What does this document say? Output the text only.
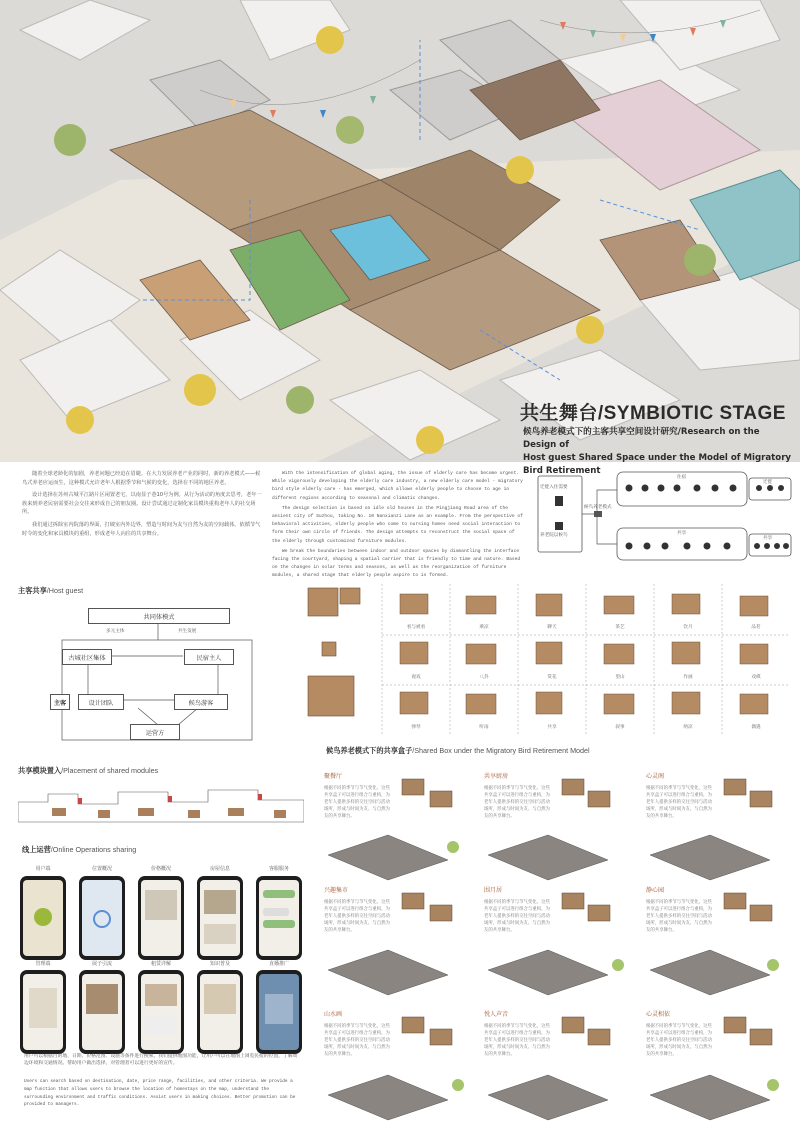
共生舞台/SYMBIOTIC STAGE
候鸟养老模式下的主客共享空间设计研究/Research on the Design of
Host guest Shared Space under the Model of Migratory Bird Retirement

随着全球老龄化的加剧，养老问题已经迫在眉睫。在大力发展养老产业的同时，新的养老模式——候鸟式养老应运而生，这种模式允许老年人根据季节和气候的变化，选择在不同的地区养老。

设计选择在苏州古城平江路片区闲置老宅，以南显子巷10号为例。从行为活动的角度去思考，老年一族来到养老民宿需要社会交往来形成自己的朋友圈。设计尝试通过定制化家具模块重构老年人的社交场所。

我们通过拆除室内院落的界面，打破室内外边界，塑造与时间为友与自然为友的空间载体。依循节气时令的变化和家具模块的重组，形成老年人向往的共享舞台。

With the intensification of global aging, the issue of elderly care has become urgent. While vigorously developing the elderly care industry, a new elderly care model - migratory bird style elderly care - has emerged, which allows elderly people to choose to age in different regions according to seasonal and climatic changes.

The design selection is based on idle old houses in the Pingjiang Road area of the ancient city of Suzhou, taking No. 10 Nanxianzi Lane as an example. From the perspective of behavioral activities, elderly people who come to nursing homes need social interaction to form their own circle of friends. The design attempts to reconstruct the social space of the elderly through customized furniture modules.

We break the boundaries between indoor and outdoor spaces by dismantling the interface facing the courtyard, shaping a spatial carrier that is friendly to time and nature. Based on the changes in solar terms and seasons, as well as the reorganization of furniture modules, a shared stage that elderly people aspire to is formed.

迁徙入住需要
养老院以候鸟
候鸟养老模式
住宿
共享
迁徙
共享
主客共享/Host guest
共同体模式
多元主体	共生发展
古城社区集体	民宿主人
设计团队	候鸟游客
运营方
主客
看与被看	乘凉	聊天	茶艺	饮月	品茗
观戏	八卦	赏花	望山	作画	戏棋
弹琴	听雨	共享	叙事	纳凉	偶遇
候鸟养老模式下的共享盒子/Shared Box under the Migratory Bird Retirement Model
共享模块置入/Placement of shared modules
线上运营/Online Operations sharing
用户端	位置概况	价格概况	房屋信息	客服服务
管理端	展子引流	租赁详解	知识普及	直播推广
用户可以根据目的地、日期、价格范围、设施等条件进行搜索。我们提供地图功能，让用户可以在地图上浏览民宿的位置，了解周边环境和交通情况。帮助用户做出选择，对管理者可以进行更好的宣传。
Users can search based on destination, date, price range, facilities, and other criteria. We provide a map function that allows users to browse the location of homestays on the map, understand the surrounding environment and traffic conditions. Assist users in making choices. Better promotion can be provided to managers.
聚餐厅
根据不同的季节与节气变化，这些共享盒子可以进行组合与重构，为老年人提供多样的交往空间与活动场所，形成与时间为友、与自然为友的共享舞台。
共享厨房
根据不同的季节与节气变化，这些共享盒子可以进行组合与重构，为老年人提供多样的交往空间与活动场所，形成与时间为友、与自然为友的共享舞台。
心灵阁
根据不同的季节与节气变化，这些共享盒子可以进行组合与重构，为老年人提供多样的交往空间与活动场所，形成与时间为友、与自然为友的共享舞台。
兴趣集市
根据不同的季节与节气变化，这些共享盒子可以进行组合与重构，为老年人提供多样的交往空间与活动场所，形成与时间为友、与自然为友的共享舞台。
围月居
根据不同的季节与节气变化，这些共享盒子可以进行组合与重构，为老年人提供多样的交往空间与活动场所，形成与时间为友、与自然为友的共享舞台。
静心园
根据不同的季节与节气变化，这些共享盒子可以进行组合与重构，为老年人提供多样的交往空间与活动场所，形成与时间为友、与自然为友的共享舞台。
山水画
根据不同的季节与节气变化，这些共享盒子可以进行组合与重构，为老年人提供多样的交往空间与活动场所，形成与时间为友、与自然为友的共享舞台。
悦人声音
根据不同的季节与节气变化，这些共享盒子可以进行组合与重构，为老年人提供多样的交往空间与活动场所，形成与时间为友、与自然为友的共享舞台。
心灵相依
根据不同的季节与节气变化，这些共享盒子可以进行组合与重构，为老年人提供多样的交往空间与活动场所，形成与时间为友、与自然为友的共享舞台。
